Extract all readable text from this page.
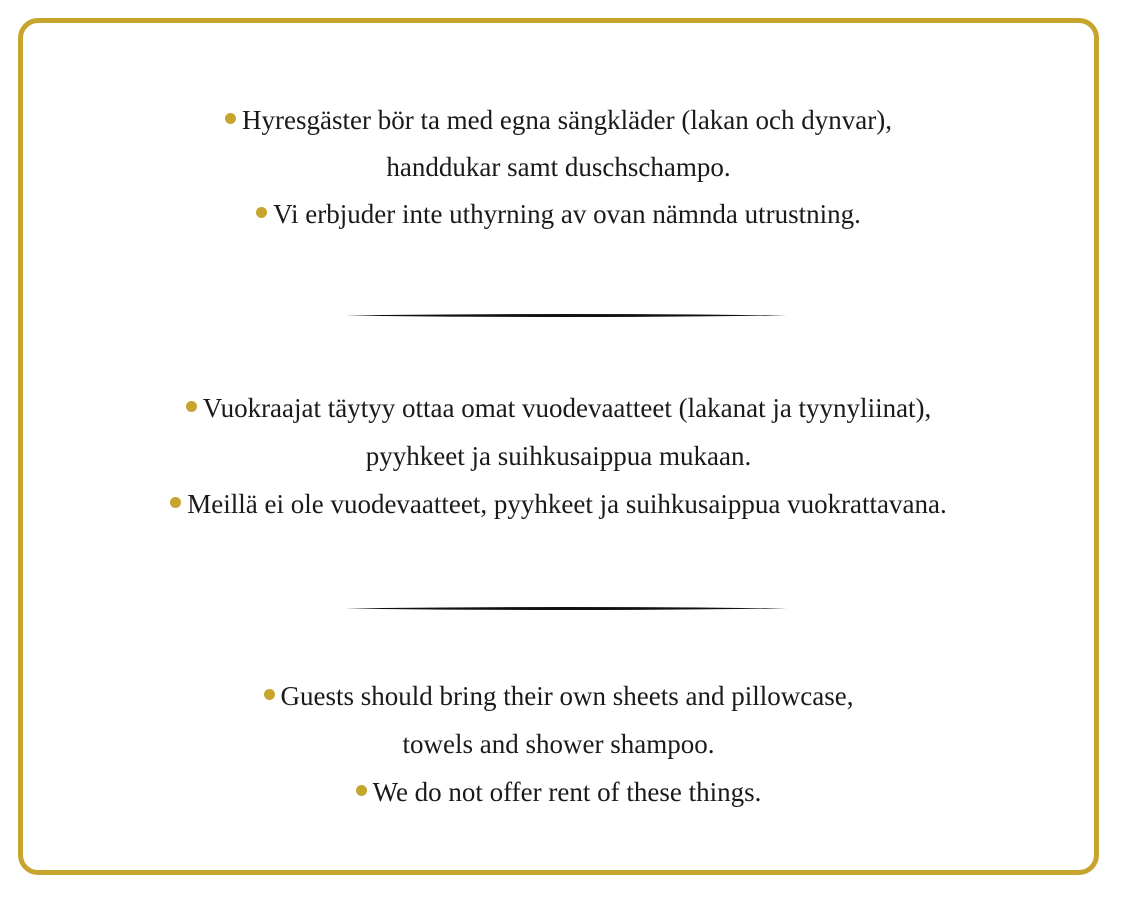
Hyresgäster bör ta med egna sängkläder (lakan och dynvar),
handdukar samt duschschampo.
Vi erbjuder inte uthyrning av ovan nämnda utrustning.
Vuokraajat täytyy ottaa omat vuodevaatteet (lakanat ja tyynyliinat),
pyyhkeet ja suihkusaippua mukaan.
Meillä ei ole vuodevaatteet, pyyhkeet ja suihkusaippua vuokrattavana.
Guests should bring their own sheets and pillowcase,
towels and shower shampoo.
We do not offer rent of these things.
